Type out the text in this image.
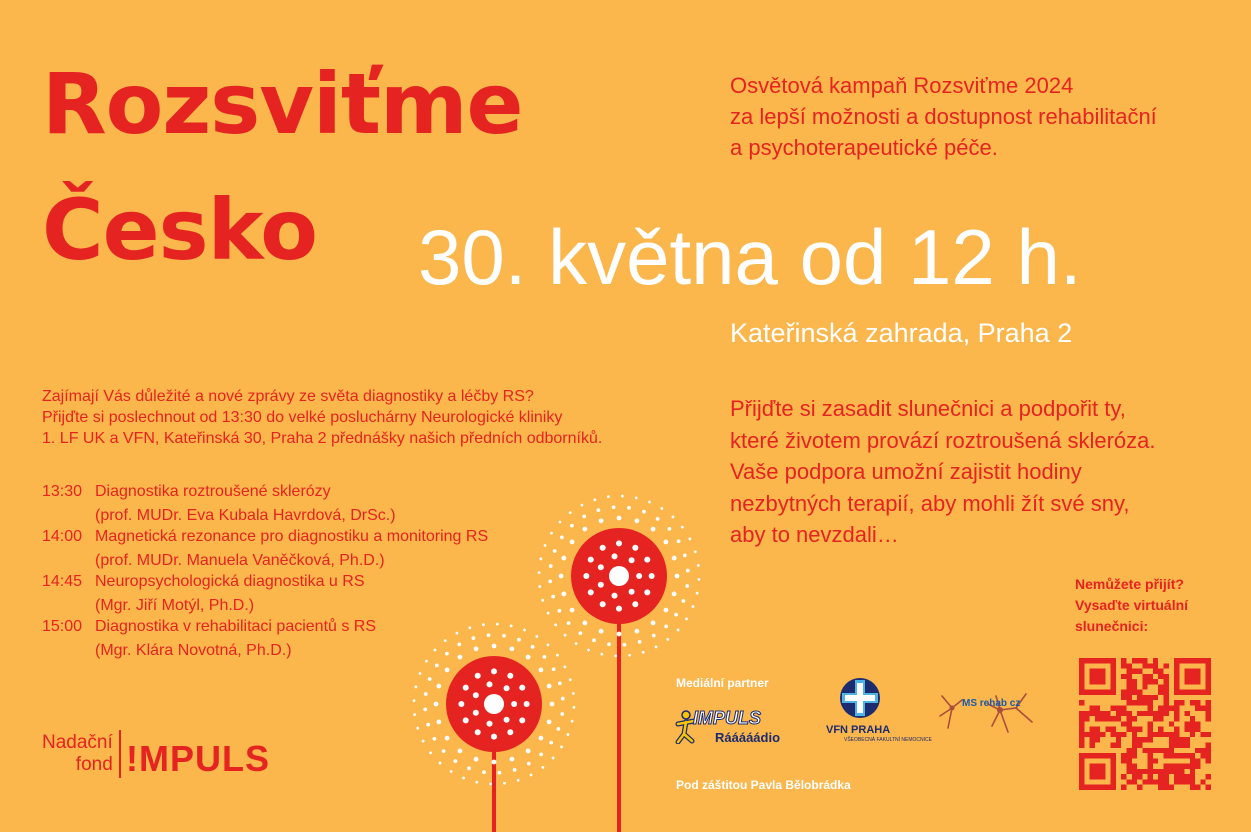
Rozsviťme
Česko
Osvětová kampaň Rozsviťme 2024
za lepší možnosti a dostupnost rehabilitační
a psychoterapeutické péče.
30. května od 12 h.
Kateřinská zahrada, Praha 2
Zajímají Vás důležité a nové zprávy ze světa diagnostiky a léčby RS?
Přijďte si poslechnout od 13:30 do velké posluchárny Neurologické kliniky
1. LF UK a VFN, Kateřinská 30, Praha 2 přednášky našich předních odborníků.
13:30 Diagnostika roztroušené sklerózy
(prof. MUDr. Eva Kubala Havrdová, DrSc.)
14:00 Magnetická rezonance pro diagnostiku a monitoring RS
(prof. MUDr. Manuela Vaněčková, Ph.D.)
14:45 Neuropsychologická diagnostika u RS
(Mgr. Jiří Motýl, Ph.D.)
15:00 Diagnostika v rehabilitaci pacientů s RS
(Mgr. Klára Novotná, Ph.D.)
Přijďte si zasadit slunečnici a podpořit ty,
které životem provází roztroušená skleróza.
Vaše podpora umožní zajistit hodiny
nezbytných terapií, aby mohli žít své sny,
aby to nevzdali…
Nemůžete přijít?
Vysaďte virtuální
slunečnici:
Mediální partner
IMPULS
Rááááádio	VFN PRAHA
VŠEOBECNÁ FAKULTNÍ NEMOCNICE
MS rehab cz
Pod záštitou Pavla Bělobrádka
Nadační
fond !MPULS
